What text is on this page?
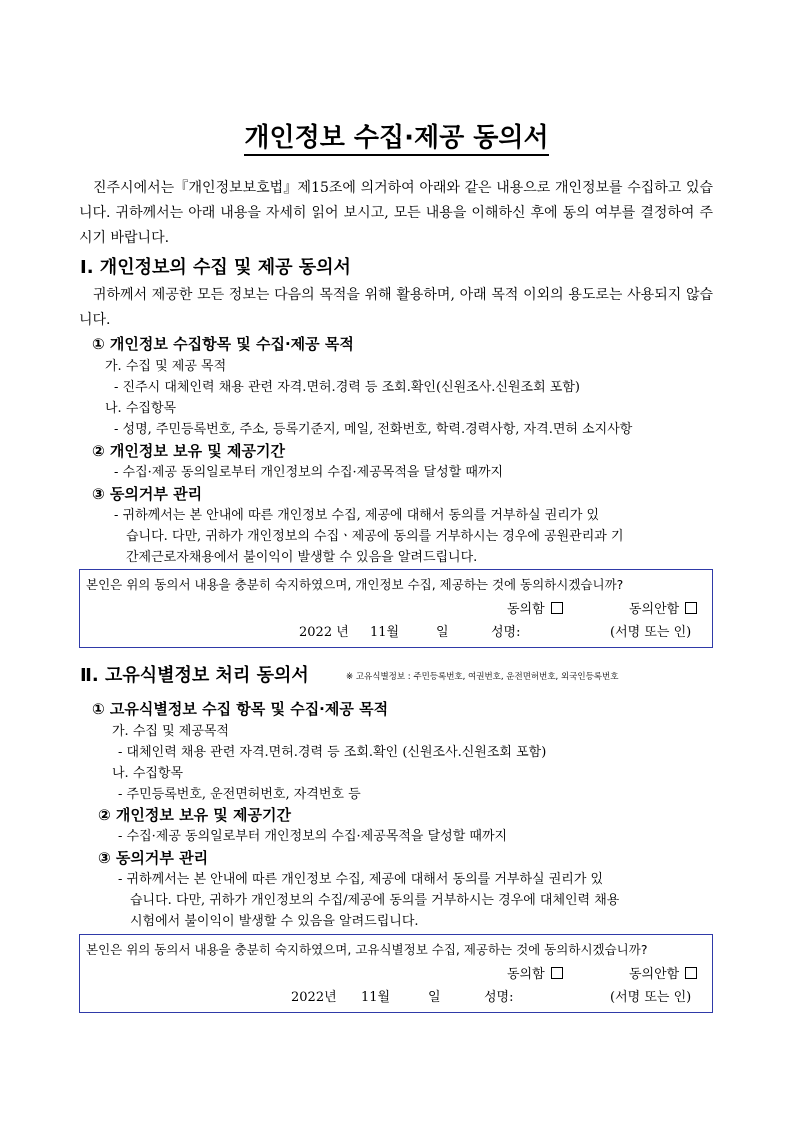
개인정보 수집·제공 동의서
진주시에서는『개인정보보호법』제15조에 의거하여 아래와 같은 내용으로 개인정보를 수집하고 있습니다. 귀하께서는 아래 내용을 자세히 읽어 보시고, 모든 내용을 이해하신 후에 동의 여부를 결정하여 주시기 바랍니다.
Ⅰ. 개인정보의 수집 및 제공 동의서
귀하께서 제공한 모든 정보는 다음의 목적을 위해 활용하며, 아래 목적 이외의 용도로는 사용되지 않습니다.
① 개인정보 수집항목 및 수집·제공 목적
가. 수집 및 제공 목적
- 진주시 대체인력 채용 관련 자격.면허.경력 등 조회.확인(신원조사.신원조회 포함)
나. 수집항목
- 성명, 주민등록번호, 주소, 등록기준지, 메일, 전화번호, 학력.경력사항, 자격.면허 소지사항
② 개인정보 보유 및 제공기간
- 수집·제공 동의일로부터 개인정보의 수집·제공목적을 달성할 때까지
③ 동의거부 관리
- 귀하께서는 본 안내에 따른 개인정보 수집, 제공에 대해서 동의를 거부하실 권리가 있
습니다. 다만, 귀하가 개인정보의 수집ㆍ제공에 동의를 거부하시는 경우에 공원관리과 기
간제근로자채용에서 불이익이 발생할 수 있음을 알려드립니다.
본인은 위의 동의서 내용을 충분히 숙지하였으며, 개인정보 수집, 제공하는 것에 동의하시겠습니까?
동의함	동의안함
2022 년 11월	일	성명:	(서명 또는 인)
Ⅱ. 고유식별정보 처리 동의서	※ 고유식별정보 : 주민등록번호, 여권번호, 운전면허번호, 외국인등록번호
① 고유식별정보 수집 항목 및 수집·제공 목적
가. 수집 및 제공목적
- 대체인력 채용 관련 자격.면허.경력 등 조회.확인 (신원조사.신원조회 포함)
나. 수집항목
- 주민등록번호, 운전면허번호, 자격번호 등
② 개인정보 보유 및 제공기간
- 수집·제공 동의일로부터 개인정보의 수집·제공목적을 달성할 때까지
③ 동의거부 관리
- 귀하께서는 본 안내에 따른 개인정보 수집, 제공에 대해서 동의를 거부하실 권리가 있
습니다. 다만, 귀하가 개인정보의 수집/제공에 동의를 거부하시는 경우에 대체인력 채용
시험에서 불이익이 발생할 수 있음을 알려드립니다.
본인은 위의 동의서 내용을 충분히 숙지하였으며, 고유식별정보 수집, 제공하는 것에 동의하시겠습니까?
동의함	동의안함
2022년 11월	일	성명:	(서명 또는 인)
